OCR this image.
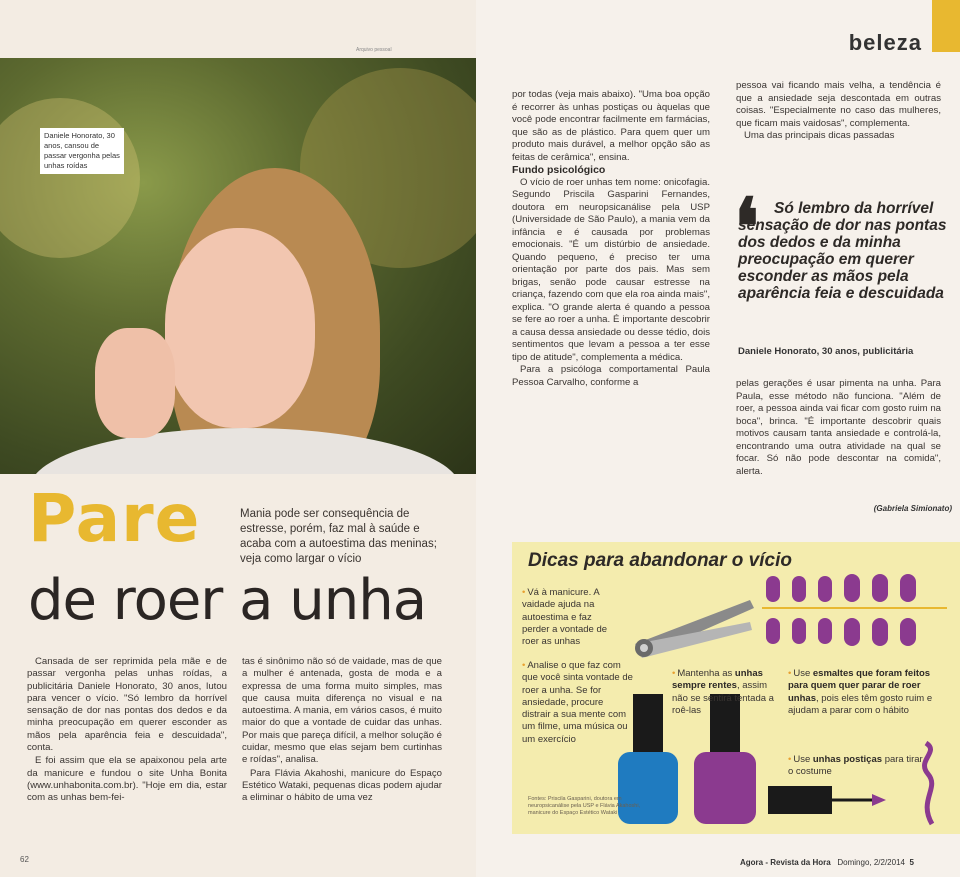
Arquivo pessoal
Daniele Honorato, 30 anos, cansou de passar vergonha pelas unhas roídas
Pare
de roer a unha
Mania pode ser consequência de estresse, porém, faz mal à saúde e acaba com a autoestima das meninas; veja como largar o vício

Cansada de ser reprimida pela mãe e de passar vergonha pelas unhas roídas, a publicitária Daniele Honorato, 30 anos, lutou para vencer o vício. "Só lembro da horrível sensação de dor nas pontas dos dedos e da minha preocupação em querer esconder as mãos pela aparência feia e descuidada", conta.

E foi assim que ela se apaixonou pela arte da manicure e fundou o site Unha Bonita (www.unhabonita.com.br). "Hoje em dia, estar com as unhas bem-fei-

tas é sinônimo não só de vaidade, mas de que a mulher é antenada, gosta de moda e a expressa de uma forma muito simples, mas que causa muita diferença no visual e na autoestima. A mania, em vários casos, é muito maior do que a vontade de cuidar das unhas. Por mais que pareça difícil, a melhor solução é cuidar, mesmo que elas sejam bem curtinhas e roídas", analisa.

Para Flávia Akahoshi, manicure do Espaço Estético Wataki, pequenas dicas podem ajudar a eliminar o hábito de uma vez

62
beleza

por todas (veja mais abaixo). "Uma boa opção é recorrer às unhas postiças ou àquelas que você pode encontrar facilmente em farmácias, que são as de plástico. Para quem quer um produto mais durável, a melhor opção são as feitas de cerâmica", ensina.

Fundo psicológico

O vício de roer unhas tem nome: onicofagia. Segundo Priscila Gasparini Fernandes, doutora em neuropsicanálise pela USP (Universidade de São Paulo), a mania vem da infância e é causada por problemas emocionais. "É um distúrbio de ansiedade. Quando pequeno, é preciso ter uma orientação por parte dos pais. Mas sem brigas, senão pode causar estresse na criança, fazendo com que ela roa ainda mais", explica. "O grande alerta é quando a pessoa se fere ao roer a unha. É importante descobrir a causa dessa ansiedade ou desse tédio, dois sentimentos que levam a pessoa a ter esse tipo de atitude", complementa a médica.

Para a psicóloga comportamental Paula Pessoa Carvalho, conforme a

pessoa vai ficando mais velha, a tendência é que a ansiedade seja descontada em outras coisas. "Especialmente no caso das mulheres, que ficam mais vaidosas", complementa.

Uma das principais dicas passadas

❛ Só lembro da horrível sensação de dor nas pontas dos dedos e da minha preocupação em querer esconder as mãos pela aparência feia e descuidada
Daniele Honorato, 30 anos, publicitária

pelas gerações é usar pimenta na unha. Para Paula, esse método não funciona. "Além de roer, a pessoa ainda vai ficar com gosto ruim na boca", brinca. "É importante descobrir quais motivos causam tanta ansiedade e controlá-la, encontrando uma outra atividade na qual se focar. Só não pode descontar na comida", alerta.

(Gabriela Simionato)
Dicas para abandonar o vício
• Vá à manicure. A vaidade ajuda na autoestima e faz perder a vontade de roer as unhas
• Analise o que faz com que você sinta vontade de roer a unha. Se for ansiedade, procure distrair a sua mente com um filme, uma música ou um exercício
• Mantenha as unhas sempre rentes, assim não se sentirá tentada a roê-las
• Use esmaltes que foram feitos para quem quer parar de roer unhas, pois eles têm gosto ruim e ajudam a parar com o hábito
• Use unhas postiças para tirar o costume
Fontes: Priscila Gasparini, doutora em neuropsicanálise pela USP e Flávia Akahoshi, manicure do Espaço Estético Wataki
Agora - Revista da Hora Domingo, 2/2/2014 5
